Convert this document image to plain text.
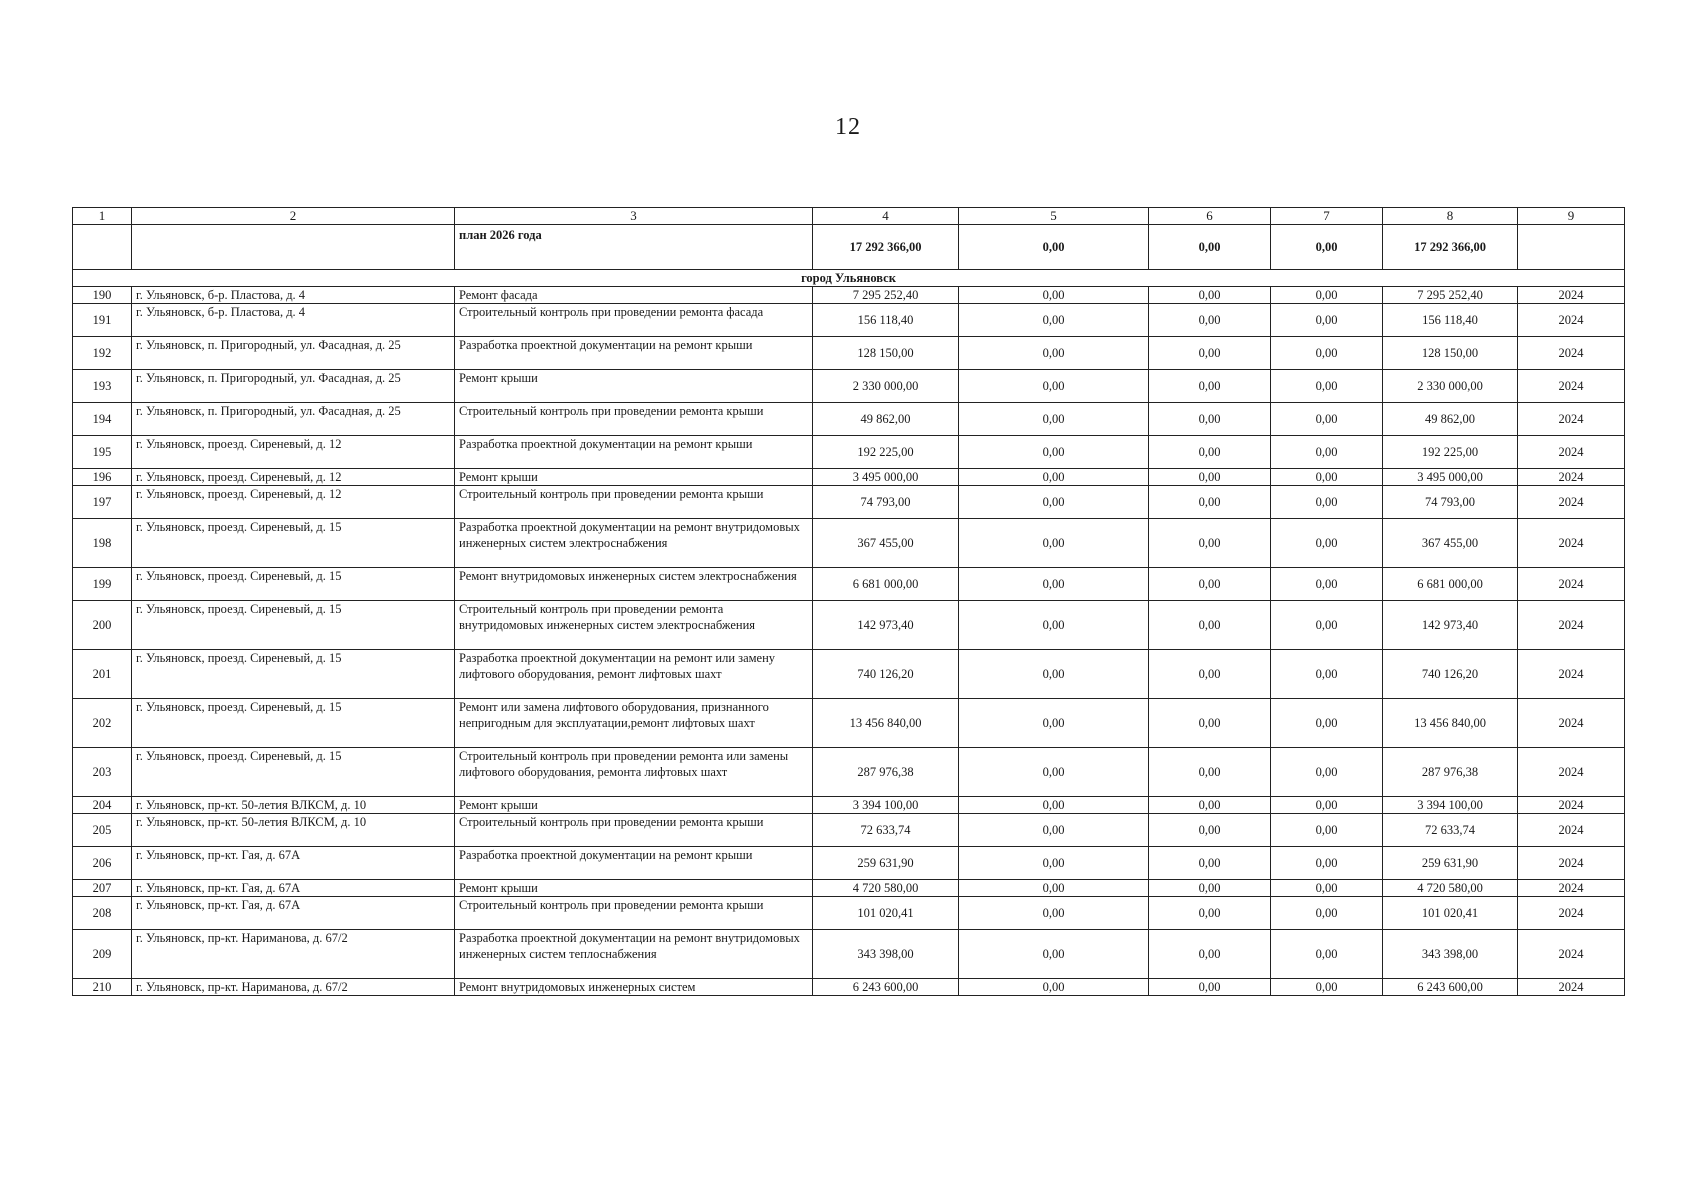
12
1	2	3	4	5	6	7	8	9
		план 2026 года	17 292 366,00	0,00	0,00	0,00	17 292 366,00	
город Ульяновск								
190	г. Ульяновск, б-р. Пластова, д. 4	Ремонт фасада	7 295 252,40	0,00	0,00	0,00	7 295 252,40	2024
191	г. Ульяновск, б-р. Пластова, д. 4	Строительный контроль при проведении ремонта фасада	156 118,40	0,00	0,00	0,00	156 118,40	2024
192	г. Ульяновск, п. Пригородный, ул. Фасадная, д. 25	Разработка проектной документации на ремонт крыши	128 150,00	0,00	0,00	0,00	128 150,00	2024
193	г. Ульяновск, п. Пригородный, ул. Фасадная, д. 25	Ремонт крыши	2 330 000,00	0,00	0,00	0,00	2 330 000,00	2024
194	г. Ульяновск, п. Пригородный, ул. Фасадная, д. 25	Строительный контроль при проведении ремонта крыши	49 862,00	0,00	0,00	0,00	49 862,00	2024
195	г. Ульяновск, проезд. Сиреневый, д. 12	Разработка проектной документации на ремонт крыши	192 225,00	0,00	0,00	0,00	192 225,00	2024
196	г. Ульяновск, проезд. Сиреневый, д. 12	Ремонт крыши	3 495 000,00	0,00	0,00	0,00	3 495 000,00	2024
197	г. Ульяновск, проезд. Сиреневый, д. 12	Строительный контроль при проведении ремонта крыши	74 793,00	0,00	0,00	0,00	74 793,00	2024
198	г. Ульяновск, проезд. Сиреневый, д. 15	Разработка проектной документации на ремонт внутридомовых инженерных систем электроснабжения	367 455,00	0,00	0,00	0,00	367 455,00	2024
199	г. Ульяновск, проезд. Сиреневый, д. 15	Ремонт внутридомовых инженерных систем электроснабжения	6 681 000,00	0,00	0,00	0,00	6 681 000,00	2024
200	г. Ульяновск, проезд. Сиреневый, д. 15	Строительный контроль при проведении ремонта внутридомовых инженерных систем электроснабжения	142 973,40	0,00	0,00	0,00	142 973,40	2024
201	г. Ульяновск, проезд. Сиреневый, д. 15	Разработка проектной документации на ремонт или замену лифтового оборудования, ремонт лифтовых шахт	740 126,20	0,00	0,00	0,00	740 126,20	2024
202	г. Ульяновск, проезд. Сиреневый, д. 15	Ремонт или замена лифтового оборудования, признанного непригодным для эксплуатации,ремонт лифтовых шахт	13 456 840,00	0,00	0,00	0,00	13 456 840,00	2024
203	г. Ульяновск, проезд. Сиреневый, д. 15	Строительный контроль при проведении ремонта или замены лифтового оборудования, ремонта лифтовых шахт	287 976,38	0,00	0,00	0,00	287 976,38	2024
204	г. Ульяновск, пр-кт. 50-летия ВЛКСМ, д. 10	Ремонт крыши	3 394 100,00	0,00	0,00	0,00	3 394 100,00	2024
205	г. Ульяновск, пр-кт. 50-летия ВЛКСМ, д. 10	Строительный контроль при проведении ремонта крыши	72 633,74	0,00	0,00	0,00	72 633,74	2024
206	г. Ульяновск, пр-кт. Гая, д. 67А	Разработка проектной документации на ремонт крыши	259 631,90	0,00	0,00	0,00	259 631,90	2024
207	г. Ульяновск, пр-кт. Гая, д. 67А	Ремонт крыши	4 720 580,00	0,00	0,00	0,00	4 720 580,00	2024
208	г. Ульяновск, пр-кт. Гая, д. 67А	Строительный контроль при проведении ремонта крыши	101 020,41	0,00	0,00	0,00	101 020,41	2024
209	г. Ульяновск, пр-кт. Нариманова, д. 67/2	Разработка проектной документации на ремонт внутридомовых инженерных систем теплоснабжения	343 398,00	0,00	0,00	0,00	343 398,00	2024
210	г. Ульяновск, пр-кт. Нариманова, д. 67/2	Ремонт внутридомовых инженерных систем	6 243 600,00	0,00	0,00	0,00	6 243 600,00	2024
